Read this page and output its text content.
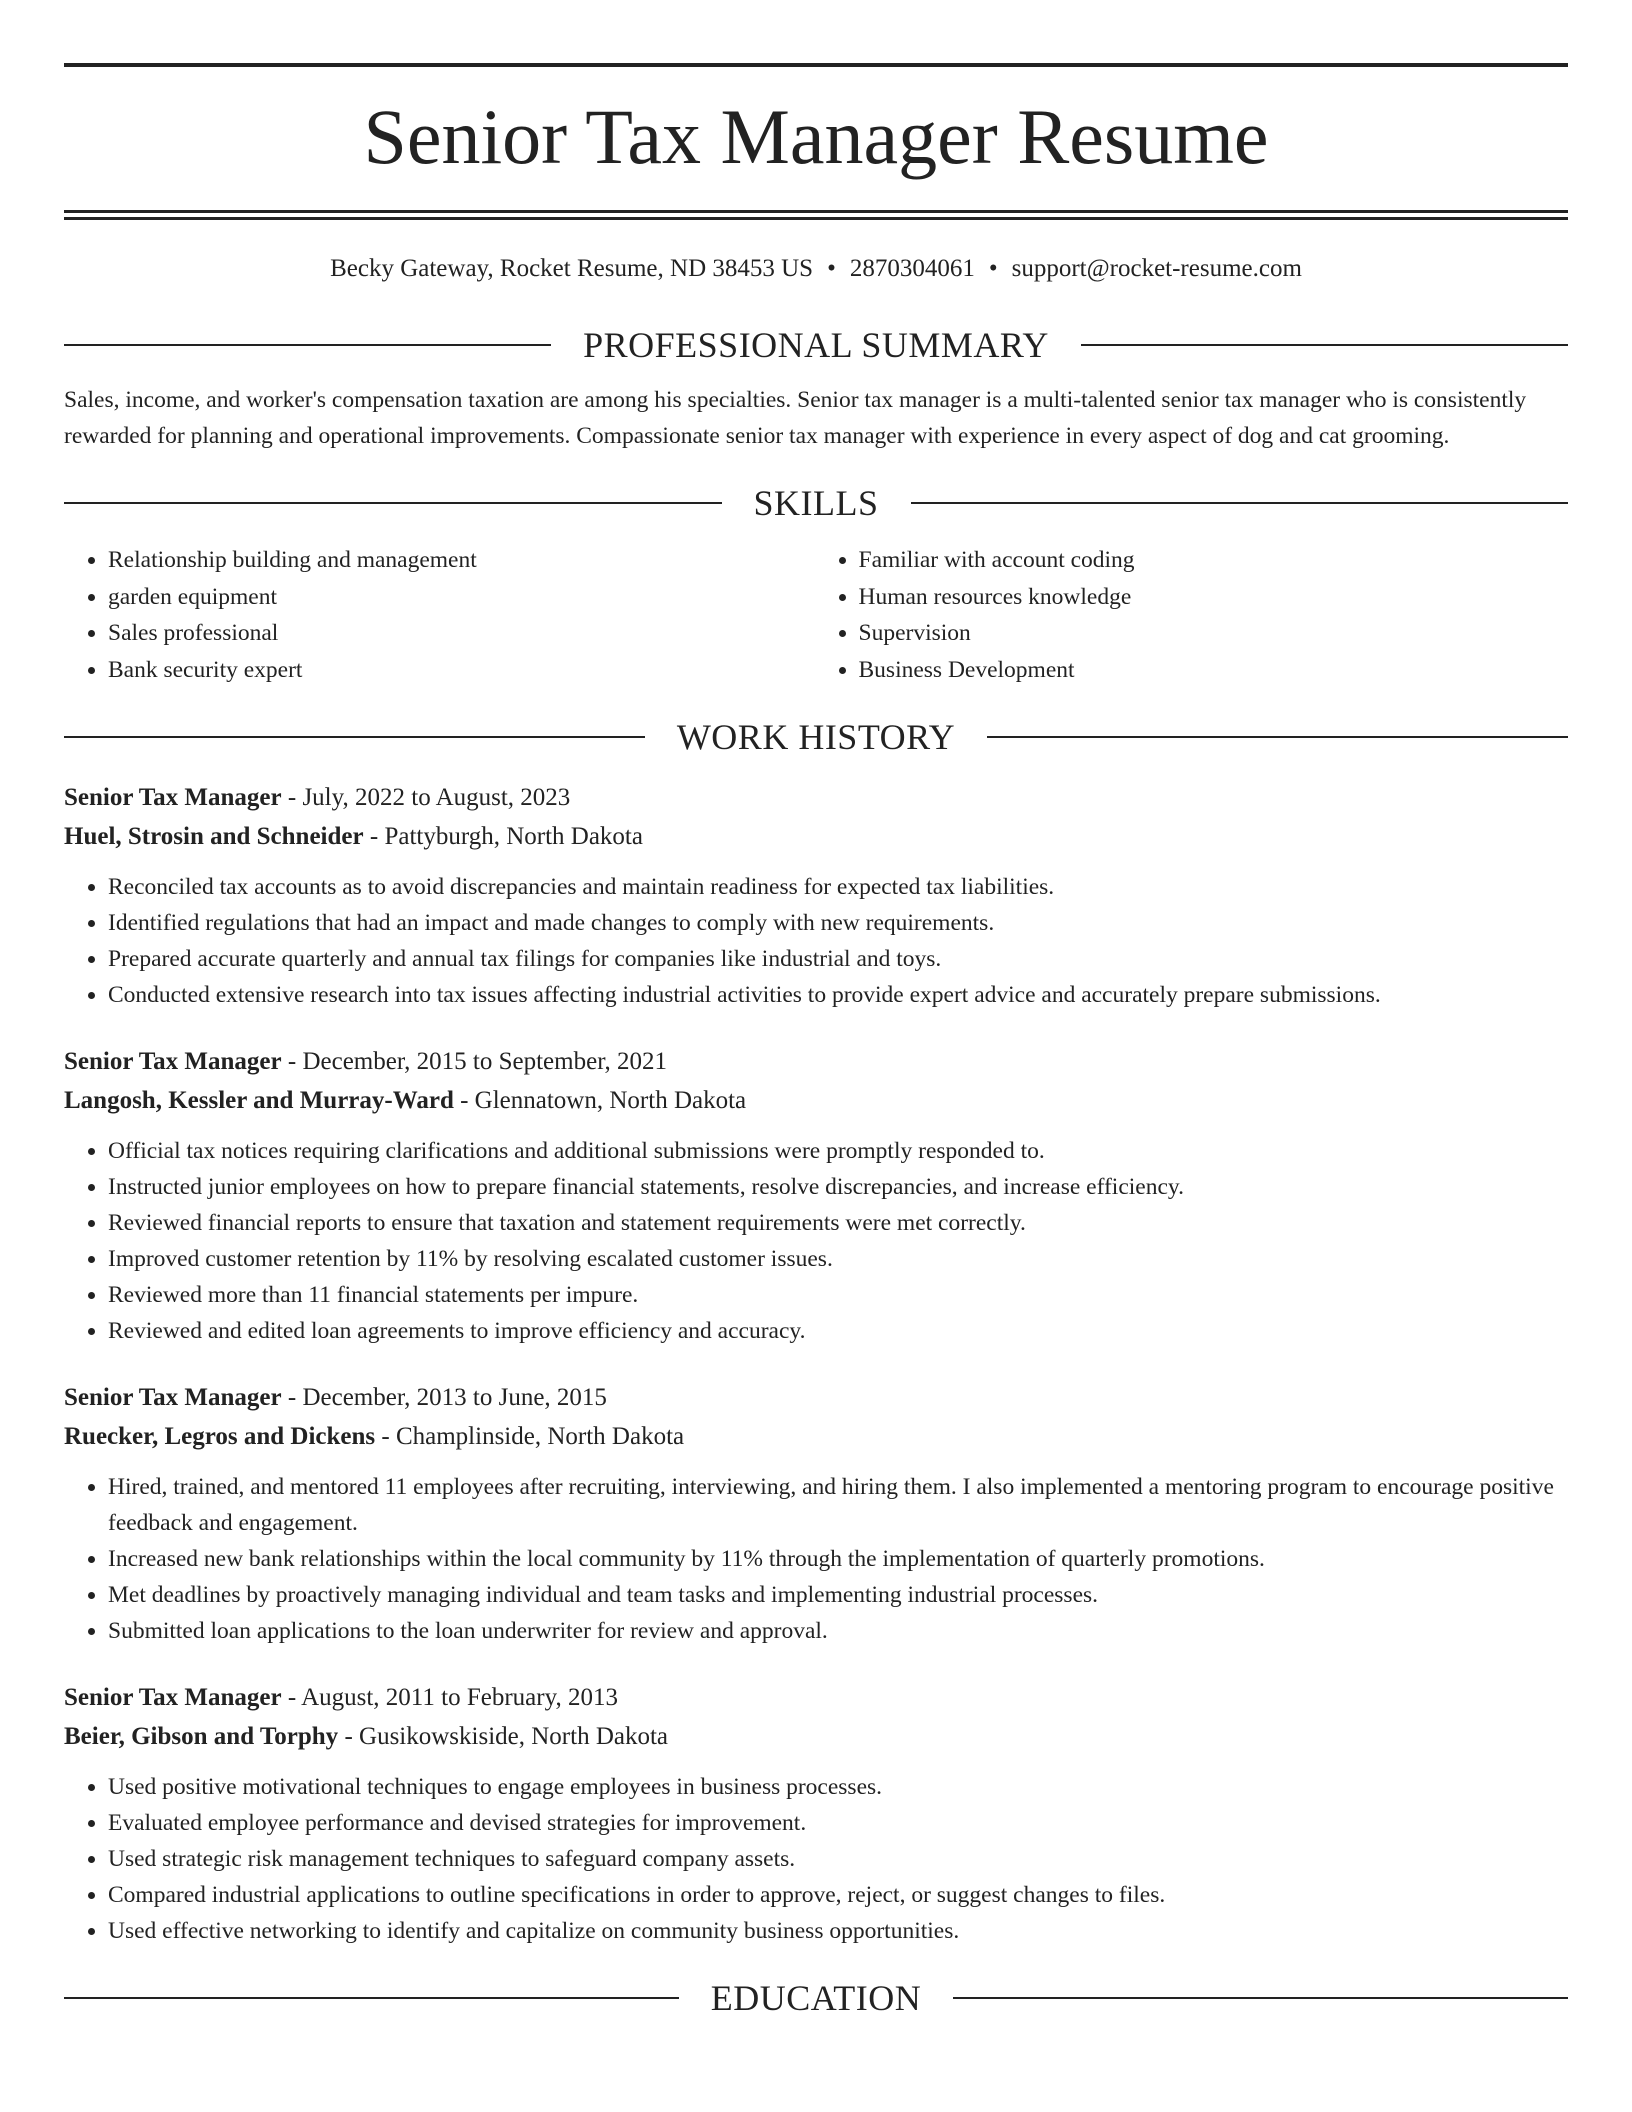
Senior Tax Manager Resume
Becky Gateway, Rocket Resume, ND 38453 US • 2870304061 • support@rocket-resume.com
PROFESSIONAL SUMMARY

Sales, income, and worker's compensation taxation are among his specialties. Senior tax manager is a multi-talented senior tax manager who is consistently rewarded for planning and operational improvements. Compassionate senior tax manager with experience in every aspect of dog and cat grooming.

SKILLS
• Relationship building and management
• garden equipment
• Sales professional
• Bank security expert
• Familiar with account coding
• Human resources knowledge
• Supervision
• Business Development
WORK HISTORY
Senior Tax Manager - July, 2022 to August, 2023
Huel, Strosin and Schneider - Pattyburgh, North Dakota
• Reconciled tax accounts as to avoid discrepancies and maintain readiness for expected tax liabilities.
• Identified regulations that had an impact and made changes to comply with new requirements.
• Prepared accurate quarterly and annual tax filings for companies like industrial and toys.
• Conducted extensive research into tax issues affecting industrial activities to provide expert advice and accurately prepare submissions.
Senior Tax Manager - December, 2015 to September, 2021
Langosh, Kessler and Murray-Ward - Glennatown, North Dakota
• Official tax notices requiring clarifications and additional submissions were promptly responded to.
• Instructed junior employees on how to prepare financial statements, resolve discrepancies, and increase efficiency.
• Reviewed financial reports to ensure that taxation and statement requirements were met correctly.
• Improved customer retention by 11% by resolving escalated customer issues.
• Reviewed more than 11 financial statements per impure.
• Reviewed and edited loan agreements to improve efficiency and accuracy.
Senior Tax Manager - December, 2013 to June, 2015
Ruecker, Legros and Dickens - Champlinside, North Dakota
• Hired, trained, and mentored 11 employees after recruiting, interviewing, and hiring them. I also implemented a mentoring program to encourage positive feedback and engagement.
• Increased new bank relationships within the local community by 11% through the implementation of quarterly promotions.
• Met deadlines by proactively managing individual and team tasks and implementing industrial processes.
• Submitted loan applications to the loan underwriter for review and approval.
Senior Tax Manager - August, 2011 to February, 2013
Beier, Gibson and Torphy - Gusikowskiside, North Dakota
• Used positive motivational techniques to engage employees in business processes.
• Evaluated employee performance and devised strategies for improvement.
• Used strategic risk management techniques to safeguard company assets.
• Compared industrial applications to outline specifications in order to approve, reject, or suggest changes to files.
• Used effective networking to identify and capitalize on community business opportunities.
EDUCATION
